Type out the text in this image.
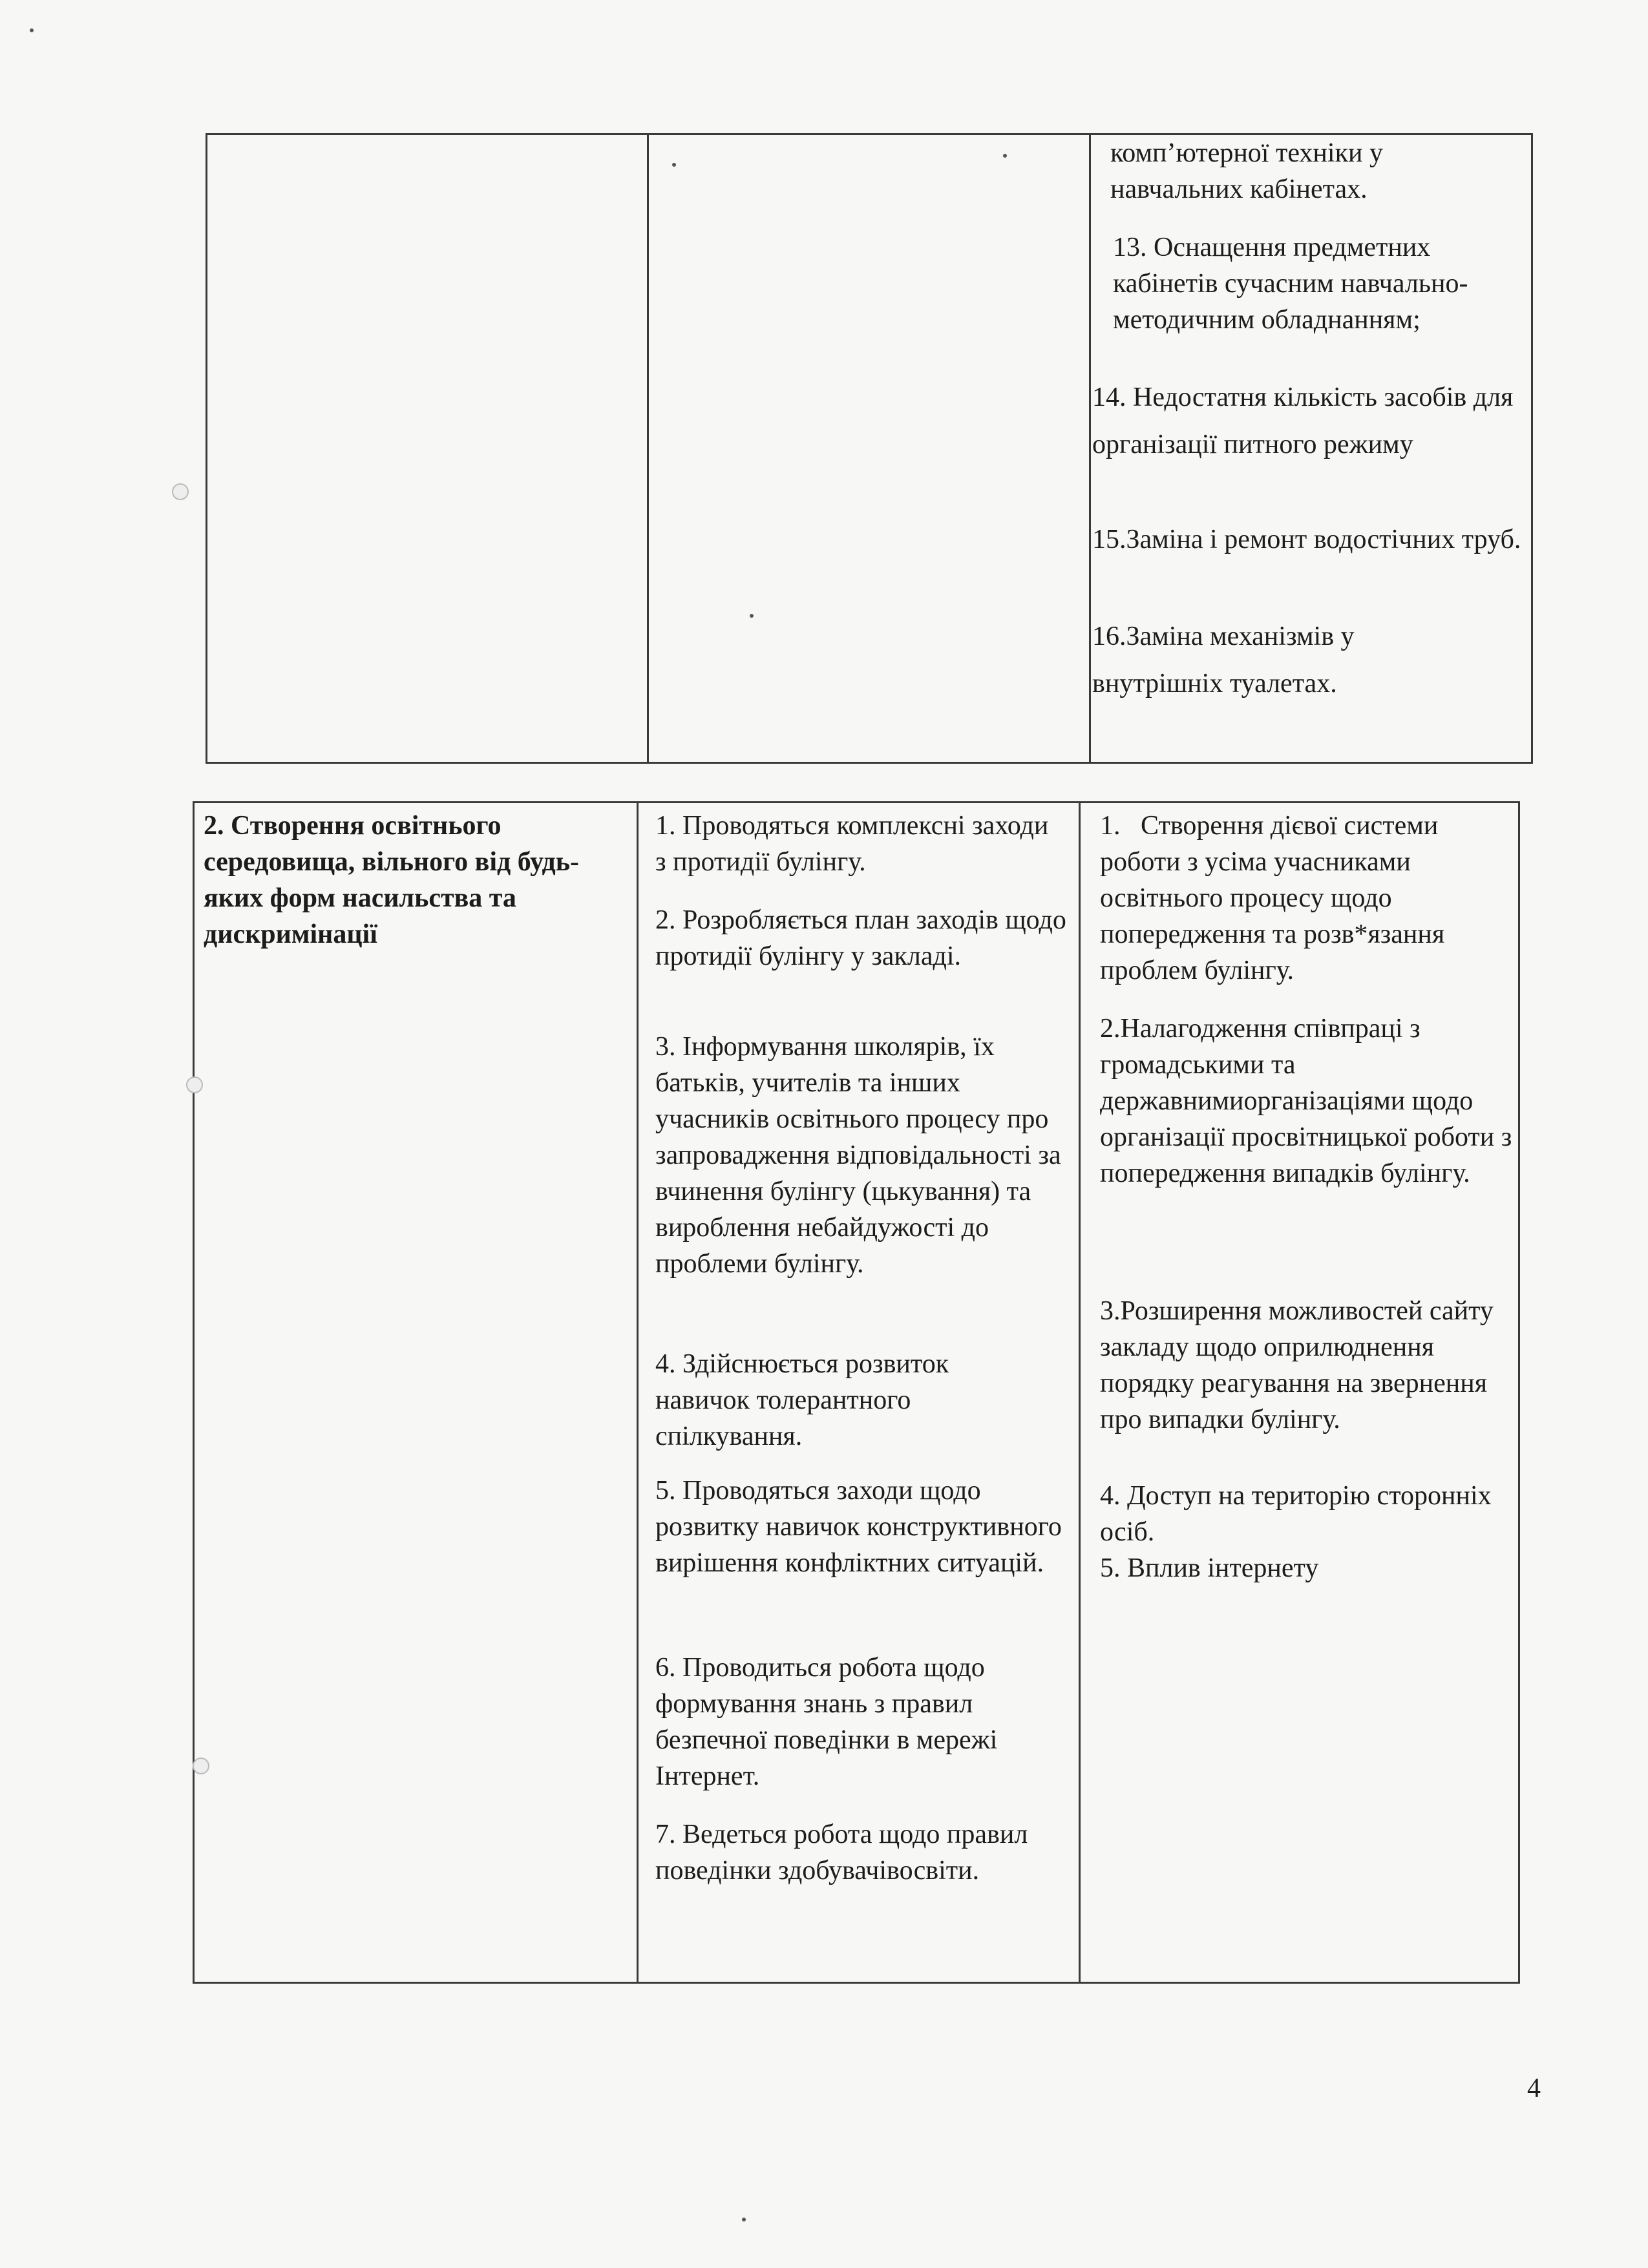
комп’ютерної техніки у навчальних кабінетах.

13. Оснащення предметних кабінетів сучасним навчально-методичним обладнанням;

14. Недостатня кількість засобів для організації питного режиму

15.Заміна і ремонт водостічних труб.

16.Заміна механізмів у внутрішніх туалетах.

2. Створення освітнього середовища, вільного від будь-яких форм насильства та дискримінації

1. Проводяться комплексні заходи з протидії булінгу.

2. Розробляється план заходів щодо протидії булінгу у закладі.

3. Інформування школярів, їх батьків, учителів та інших учасників освітнього процесу про запровадження відповідальності за вчинення булінгу (цькування) та вироблення небайдужості до проблеми булінгу.

4. Здійснюється розвиток навичок толерантного спілкування.

5. Проводяться заходи щодо розвитку навичок конструктивного вирішення конфліктних ситуацій.

6. Проводиться робота щодо формування знань з правил безпечної поведінки в мережі Інтернет.

7. Ведеться робота щодо правил поведінки здобувачівосвіти.

1.   Створення дієвої системи роботи з усіма учасниками освітнього процесу щодо попередження та розв*язання проблем булінгу.

2.Налагодження співпраці з громадськими та державнимиорганізаціями щодо організації просвітницької роботи з попередження випадків булінгу.

3.Розширення можливостей сайту закладу щодо оприлюднення порядку реагування на звернення про випадки булінгу.

4. Доступ на територію сторонніх осіб.

5. Вплив інтернету

4
